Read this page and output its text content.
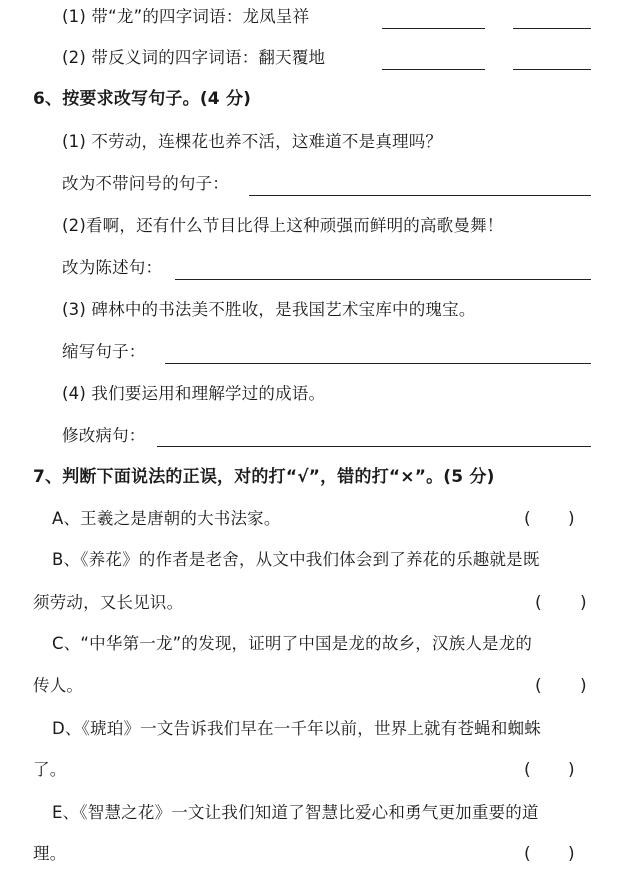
(1) 带“龙”的四字词语：龙凤呈祥
(2) 带反义词的四字词语：翻天覆地
6、按要求改写句子。(4 分)
(1) 不劳动，连棵花也养不活，这难道不是真理吗？
改为不带问号的句子：
(2)看啊，还有什么节目比得上这种顽强而鲜明的高歌曼舞！
改为陈述句：
(3) 碑林中的书法美不胜收，是我国艺术宝库中的瑰宝。
缩写句子：
(4) 我们要运用和理解学过的成语。
修改病句：
7、判断下面说法的正误，对的打“√”，错的打“×”。(5 分)
A、王羲之是唐朝的大书法家。	( )
B、《养花》的作者是老舍，从文中我们体会到了养花的乐趣就是既
须劳动，又长见识。	( )
C、“中华第一龙”的发现，证明了中国是龙的故乡，汉族人是龙的
传人。	( )
D、《琥珀》一文告诉我们早在一千年以前，世界上就有苍蝇和蜘蛛
了。	( )
E、《智慧之花》一文让我们知道了智慧比爱心和勇气更加重要的道
理。	( )
